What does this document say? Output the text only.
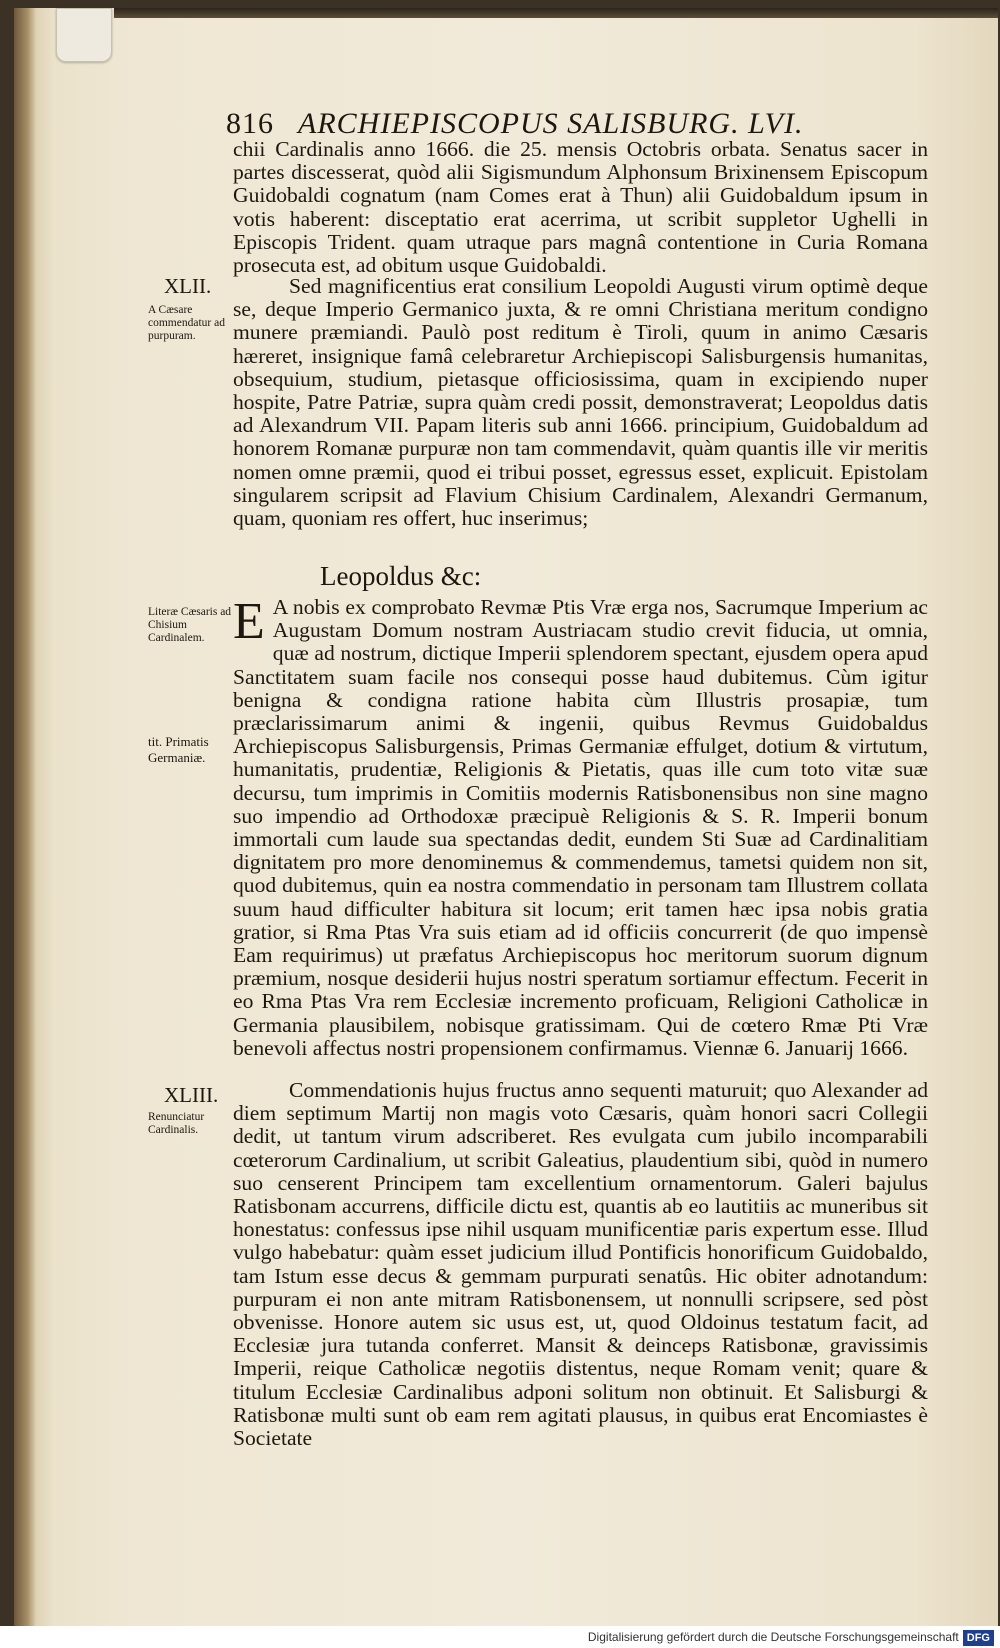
816 ARCHIEPISCOPUS SALISBURG. LVI.

chii Cardinalis anno 1666. die 25. mensis Octobris orbata. Senatus sacer in partes discesserat, quòd alii Sigismundum Alphonsum Brixinensem Episcopum Guidobaldi cognatum (nam Comes erat à Thun) alii Guidobaldum ipsum in votis haberent: disceptatio erat acerrima, ut scribit suppletor Ughelli in Episcopis Trident. quam utraque pars magnâ contentione in Curia Romana prosecuta est, ad obitum usque Guidobaldi.

XLII.
A Cæsare commendatur ad purpuram.

Sed magnificentius erat consilium Leopoldi Augusti virum optimè deque se, deque Imperio Germanico juxta, & re omni Christiana meritum condigno munere præmiandi. Paulò post reditum è Tiroli, quum in animo Cæsaris hæreret, insignique famâ celebraretur Archiepiscopi Salisburgensis humanitas, obsequium, studium, pietasque officiosissima, quam in excipiendo nuper hospite, Patre Patriæ, supra quàm credi possit, demonstraverat; Leopoldus datis ad Alexandrum VII. Papam literis sub anni 1666. principium, Guidobaldum ad honorem Romanæ purpuræ non tam commendavit, quàm quantis ille vir meritis nomen omne præmii, quod ei tribui posset, egressus esset, explicuit. Epistolam singularem scripsit ad Flavium Chisium Cardinalem, Alexandri Germanum, quam, quoniam res offert, huc inserimus;

Leopoldus &c:
Literæ Cæsaris ad Chisium Cardinalem.
tit. Primatis Germaniæ.
E A nobis ex comprobato Revmæ Ptis Vræ erga nos, Sacrumque Imperium ac Augustam Domum nostram Austriacam studio crevit fiducia, ut omnia, quæ ad nostrum, dictique Imperii splendorem spectant, ejusdem opera apud Sanctitatem suam facile nos consequi posse haud dubitemus. Cùm igitur benigna & condigna ratione habita cùm Illustris prosapiæ, tum præclarissimarum animi & ingenii, quibus Revmus Guidobaldus Archiepiscopus Salisburgensis, Primas Germaniæ effulget, dotium & virtutum, humanitatis, prudentiæ, Religionis & Pietatis, quas ille cum toto vitæ suæ decursu, tum imprimis in Comitiis modernis Ratisbonensibus non sine magno suo impendio ad Orthodoxæ præcipuè Religionis & S. R. Imperii bonum immortali cum laude sua spectandas dedit, eundem Sti Suæ ad Cardinalitiam dignitatem pro more denominemus & commendemus, tametsi quidem non sit, quod dubitemus, quin ea nostra commendatio in personam tam Illustrem collata suum haud difficulter habitura sit locum; erit tamen hæc ipsa nobis gratia gratior, si Rma Ptas Vra suis etiam ad id officiis concurrerit (de quo impensè Eam requirimus) ut præfatus Archiepiscopus hoc meritorum suorum dignum præmium, nosque desiderii hujus nostri speratum sortiamur effectum. Fecerit in eo Rma Ptas Vra rem Ecclesiæ incremento proficuam, Religioni Catholicæ in Germania plausibilem, nobisque gratissimam. Qui de cœtero Rmæ Pti Vræ benevoli affectus nostri propensionem confirmamus. Viennæ 6. Januarij 1666.

XLIII.
Renunciatur Cardinalis.

Commendationis hujus fructus anno sequenti maturuit; quo Alexander ad diem septimum Martij non magis voto Cæsaris, quàm honori sacri Collegii dedit, ut tantum virum adscriberet. Res evulgata cum jubilo incomparabili cœterorum Cardinalium, ut scribit Galeatius, plaudentium sibi, quòd in numero suo censerent Principem tam excellentium ornamentorum. Galeri bajulus Ratisbonam accurrens, difficile dictu est, quantis ab eo lautitiis ac muneribus sit honestatus: confessus ipse nihil usquam munificentiæ paris expertum esse. Illud vulgo habebatur: quàm esset judicium illud Pontificis honorificum Guidobaldo, tam Istum esse decus & gemmam purpurati senatûs. Hic obiter adnotandum: purpuram ei non ante mitram Ratisbonensem, ut nonnulli scripsere, sed pòst obvenisse. Honore autem sic usus est, ut, quod Oldoinus testatum facit, ad Ecclesiæ jura tutanda conferret. Mansit & deinceps Ratisbonæ, gravissimis Imperii, reique Catholicæ negotiis distentus, neque Romam venit; quare & titulum Ecclesiæ Cardinalibus adponi solitum non obtinuit. Et Salisburgi & Ratisbonæ multi sunt ob eam rem agitati plausus, in quibus erat Encomiastes è Societate

Digitalisierung gefördert durch die Deutsche Forschungsgemeinschaft DFG
